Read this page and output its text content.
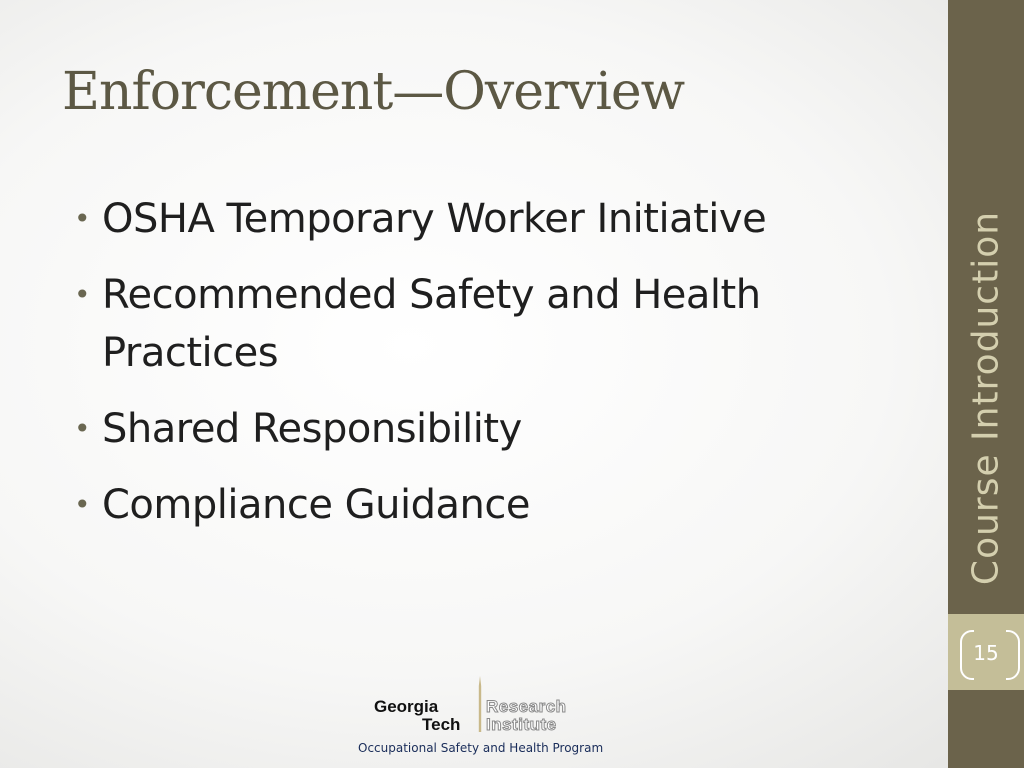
Enforcement—Overview
• OSHA Temporary Worker Initiative
• Recommended Safety and Health Practices
• Shared Responsibility
• Compliance Guidance	Course Introduction
15
Georgia
Tech
Research
Institute
Occupational Safety and Health Program
